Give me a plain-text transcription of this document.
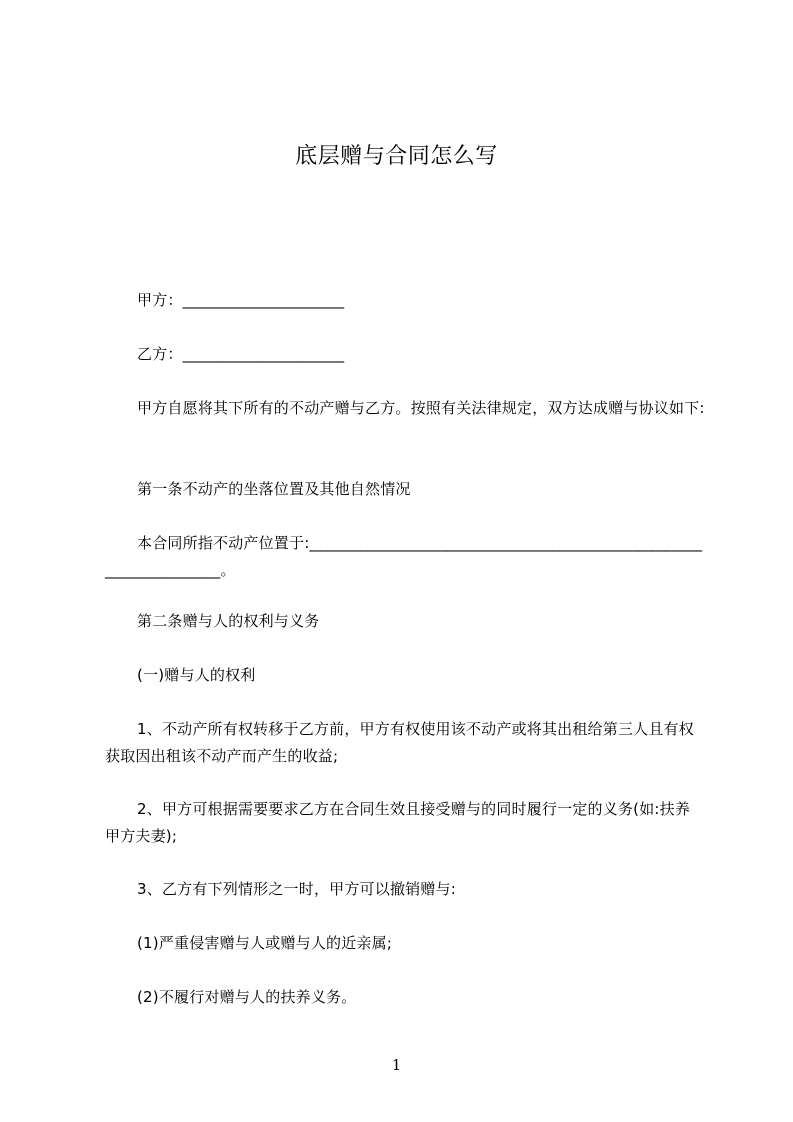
底层赠与合同怎么写
甲方：_____________________
乙方：_____________________
甲方自愿将其下所有的不动产赠与乙方。按照有关法律规定，双方达成赠与协议如下:
第一条不动产的坐落位置及其他自然情况
本合同所指不动产位置于:__________________________________________________________________。
第二条赠与人的权利与义务
(一)赠与人的权利
1、不动产所有权转移于乙方前，甲方有权使用该不动产或将其出租给第三人且有权获取因出租该不动产而产生的收益;
2、甲方可根据需要要求乙方在合同生效且接受赠与的同时履行一定的义务(如:扶养甲方夫妻);
3、乙方有下列情形之一时，甲方可以撤销赠与:
(1)严重侵害赠与人或赠与人的近亲属;
(2)不履行对赠与人的扶养义务。
1
